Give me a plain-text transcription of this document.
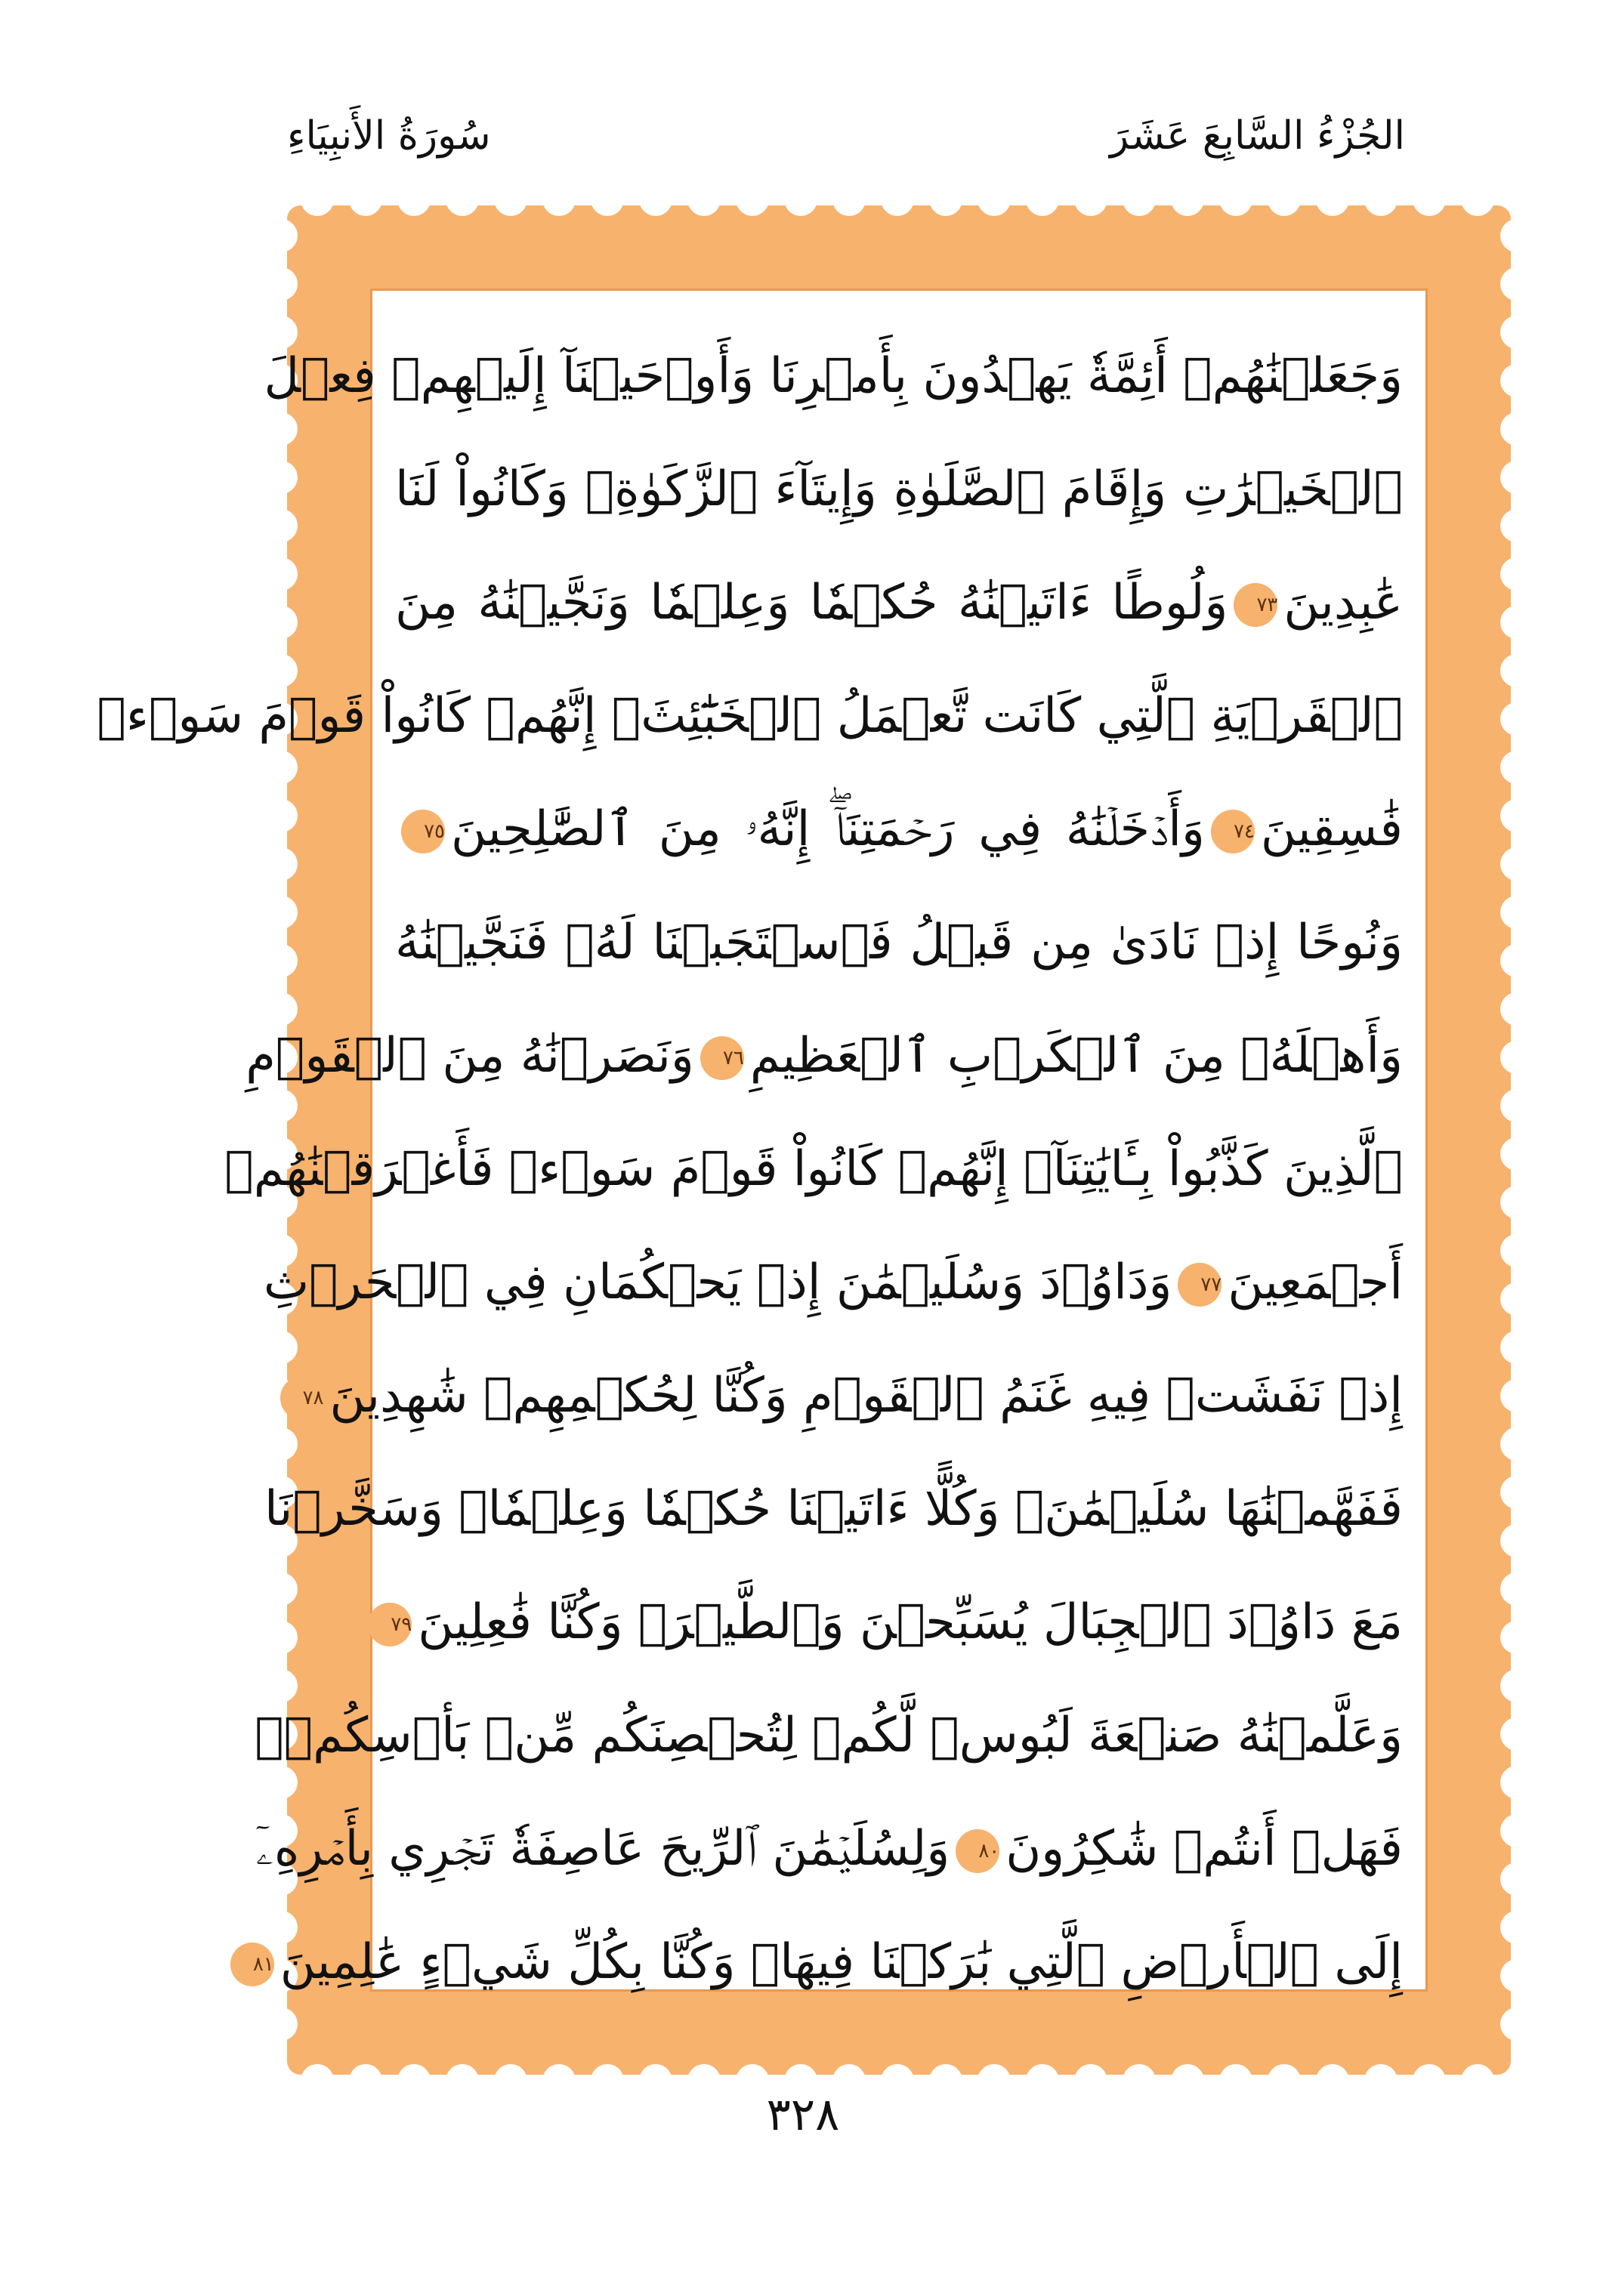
الجُزْءُ السَّابِعَ عَشَرَ
سُورَةُ الأَنبِيَاءِ
وَجَعَلۡنَٰهُمۡ أَئِمَّةٗ يَهۡدُونَ بِأَمۡرِنَا وَأَوۡحَيۡنَآ إِلَيۡهِمۡ فِعۡلَ
ٱلۡخَيۡرَٰتِ وَإِقَامَ ٱلصَّلَوٰةِ وَإِيتَآءَ ٱلزَّكَوٰةِۖ وَكَانُواْ لَنَا
عَٰبِدِينَ٧٣وَلُوطًا ءَاتَيۡنَٰهُ حُكۡمٗا وَعِلۡمٗا وَنَجَّيۡنَٰهُ مِنَ
ٱلۡقَرۡيَةِ ٱلَّتِي كَانَت تَّعۡمَلُ ٱلۡخَبَٰٓئِثَۚ إِنَّهُمۡ كَانُواْ قَوۡمَ سَوۡءٖ
فَٰسِقِينَ٧٤وَأَدۡخَلۡنَٰهُ فِي رَحۡمَتِنَآۖ إِنَّهُۥ مِنَ ٱلصَّٰلِحِينَ٧٥
وَنُوحًا إِذۡ نَادَىٰ مِن قَبۡلُ فَٱسۡتَجَبۡنَا لَهُۥ فَنَجَّيۡنَٰهُ
وَأَهۡلَهُۥ مِنَ ٱلۡكَرۡبِ ٱلۡعَظِيمِ٧٦وَنَصَرۡنَٰهُ مِنَ ٱلۡقَوۡمِ
ٱلَّذِينَ كَذَّبُواْ بِـَٔايَٰتِنَآۚ إِنَّهُمۡ كَانُواْ قَوۡمَ سَوۡءٖ فَأَغۡرَقۡنَٰهُمۡ
أَجۡمَعِينَ٧٧وَدَاوُۥدَ وَسُلَيۡمَٰنَ إِذۡ يَحۡكُمَانِ فِي ٱلۡحَرۡثِ
إِذۡ نَفَشَتۡ فِيهِ غَنَمُ ٱلۡقَوۡمِ وَكُنَّا لِحُكۡمِهِمۡ شَٰهِدِينَ٧٨
فَفَهَّمۡنَٰهَا سُلَيۡمَٰنَۚ وَكُلًّا ءَاتَيۡنَا حُكۡمٗا وَعِلۡمٗاۚ وَسَخَّرۡنَا
مَعَ دَاوُۥدَ ٱلۡجِبَالَ يُسَبِّحۡنَ وَٱلطَّيۡرَۚ وَكُنَّا فَٰعِلِينَ٧٩
وَعَلَّمۡنَٰهُ صَنۡعَةَ لَبُوسٖ لَّكُمۡ لِتُحۡصِنَكُم مِّنۢ بَأۡسِكُمۡۖ
فَهَلۡ أَنتُمۡ شَٰكِرُونَ٨٠وَلِسُلَيۡمَٰنَ ٱلرِّيحَ عَاصِفَةٗ تَجۡرِي بِأَمۡرِهِۦٓ
إِلَى ٱلۡأَرۡضِ ٱلَّتِي بَٰرَكۡنَا فِيهَاۚ وَكُنَّا بِكُلِّ شَيۡءٍ عَٰلِمِينَ٨١
٣٢٨
